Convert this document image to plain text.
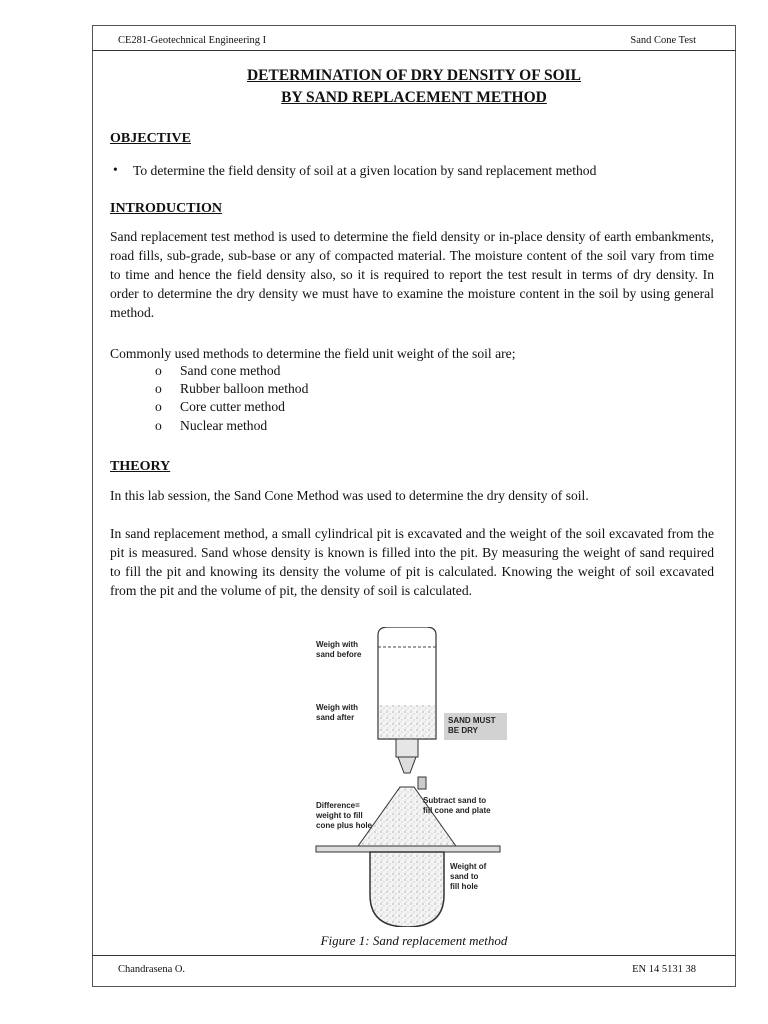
CE281-Geotechnical Engineering I	Sand Cone Test
DETERMINATION OF DRY DENSITY OF SOIL
BY SAND REPLACEMENT METHOD
OBJECTIVE
• To determine the field density of soil at a given location by sand replacement method
INTRODUCTION

Sand replacement test method is used to determine the field density or in-place density of earth embankments, road fills, sub-grade, sub-base or any of compacted material. The moisture content of the soil vary from time to time and hence the field density also, so it is required to report the test result in terms of dry density. In order to determine the dry density we must have to examine the moisture content in the soil by using general method.

Commonly used methods to determine the field unit weight of the soil are;

o Sand cone method
o Rubber balloon method
o Core cutter method
o Nuclear method
THEORY

In this lab session, the Sand Cone Method was used to determine the dry density of soil.

In sand replacement method, a small cylindrical pit is excavated and the weight of the soil excavated from the pit is measured. Sand whose density is known is filled into the pit. By measuring the weight of sand required to fill the pit and knowing its density the volume of pit is calculated. Knowing the weight of soil excavated from the pit and the volume of pit, the density of soil is calculated.

Weigh with
sand before
Weigh with
sand after	SAND MUST
BE DRY
Subtract sand to
fill cone and plate
Difference=
weight to fill
cone plus hole
Weight of
sand to
fill hole
Figure 1: Sand replacement method
Chandrasena O.	EN 14 5131 38
